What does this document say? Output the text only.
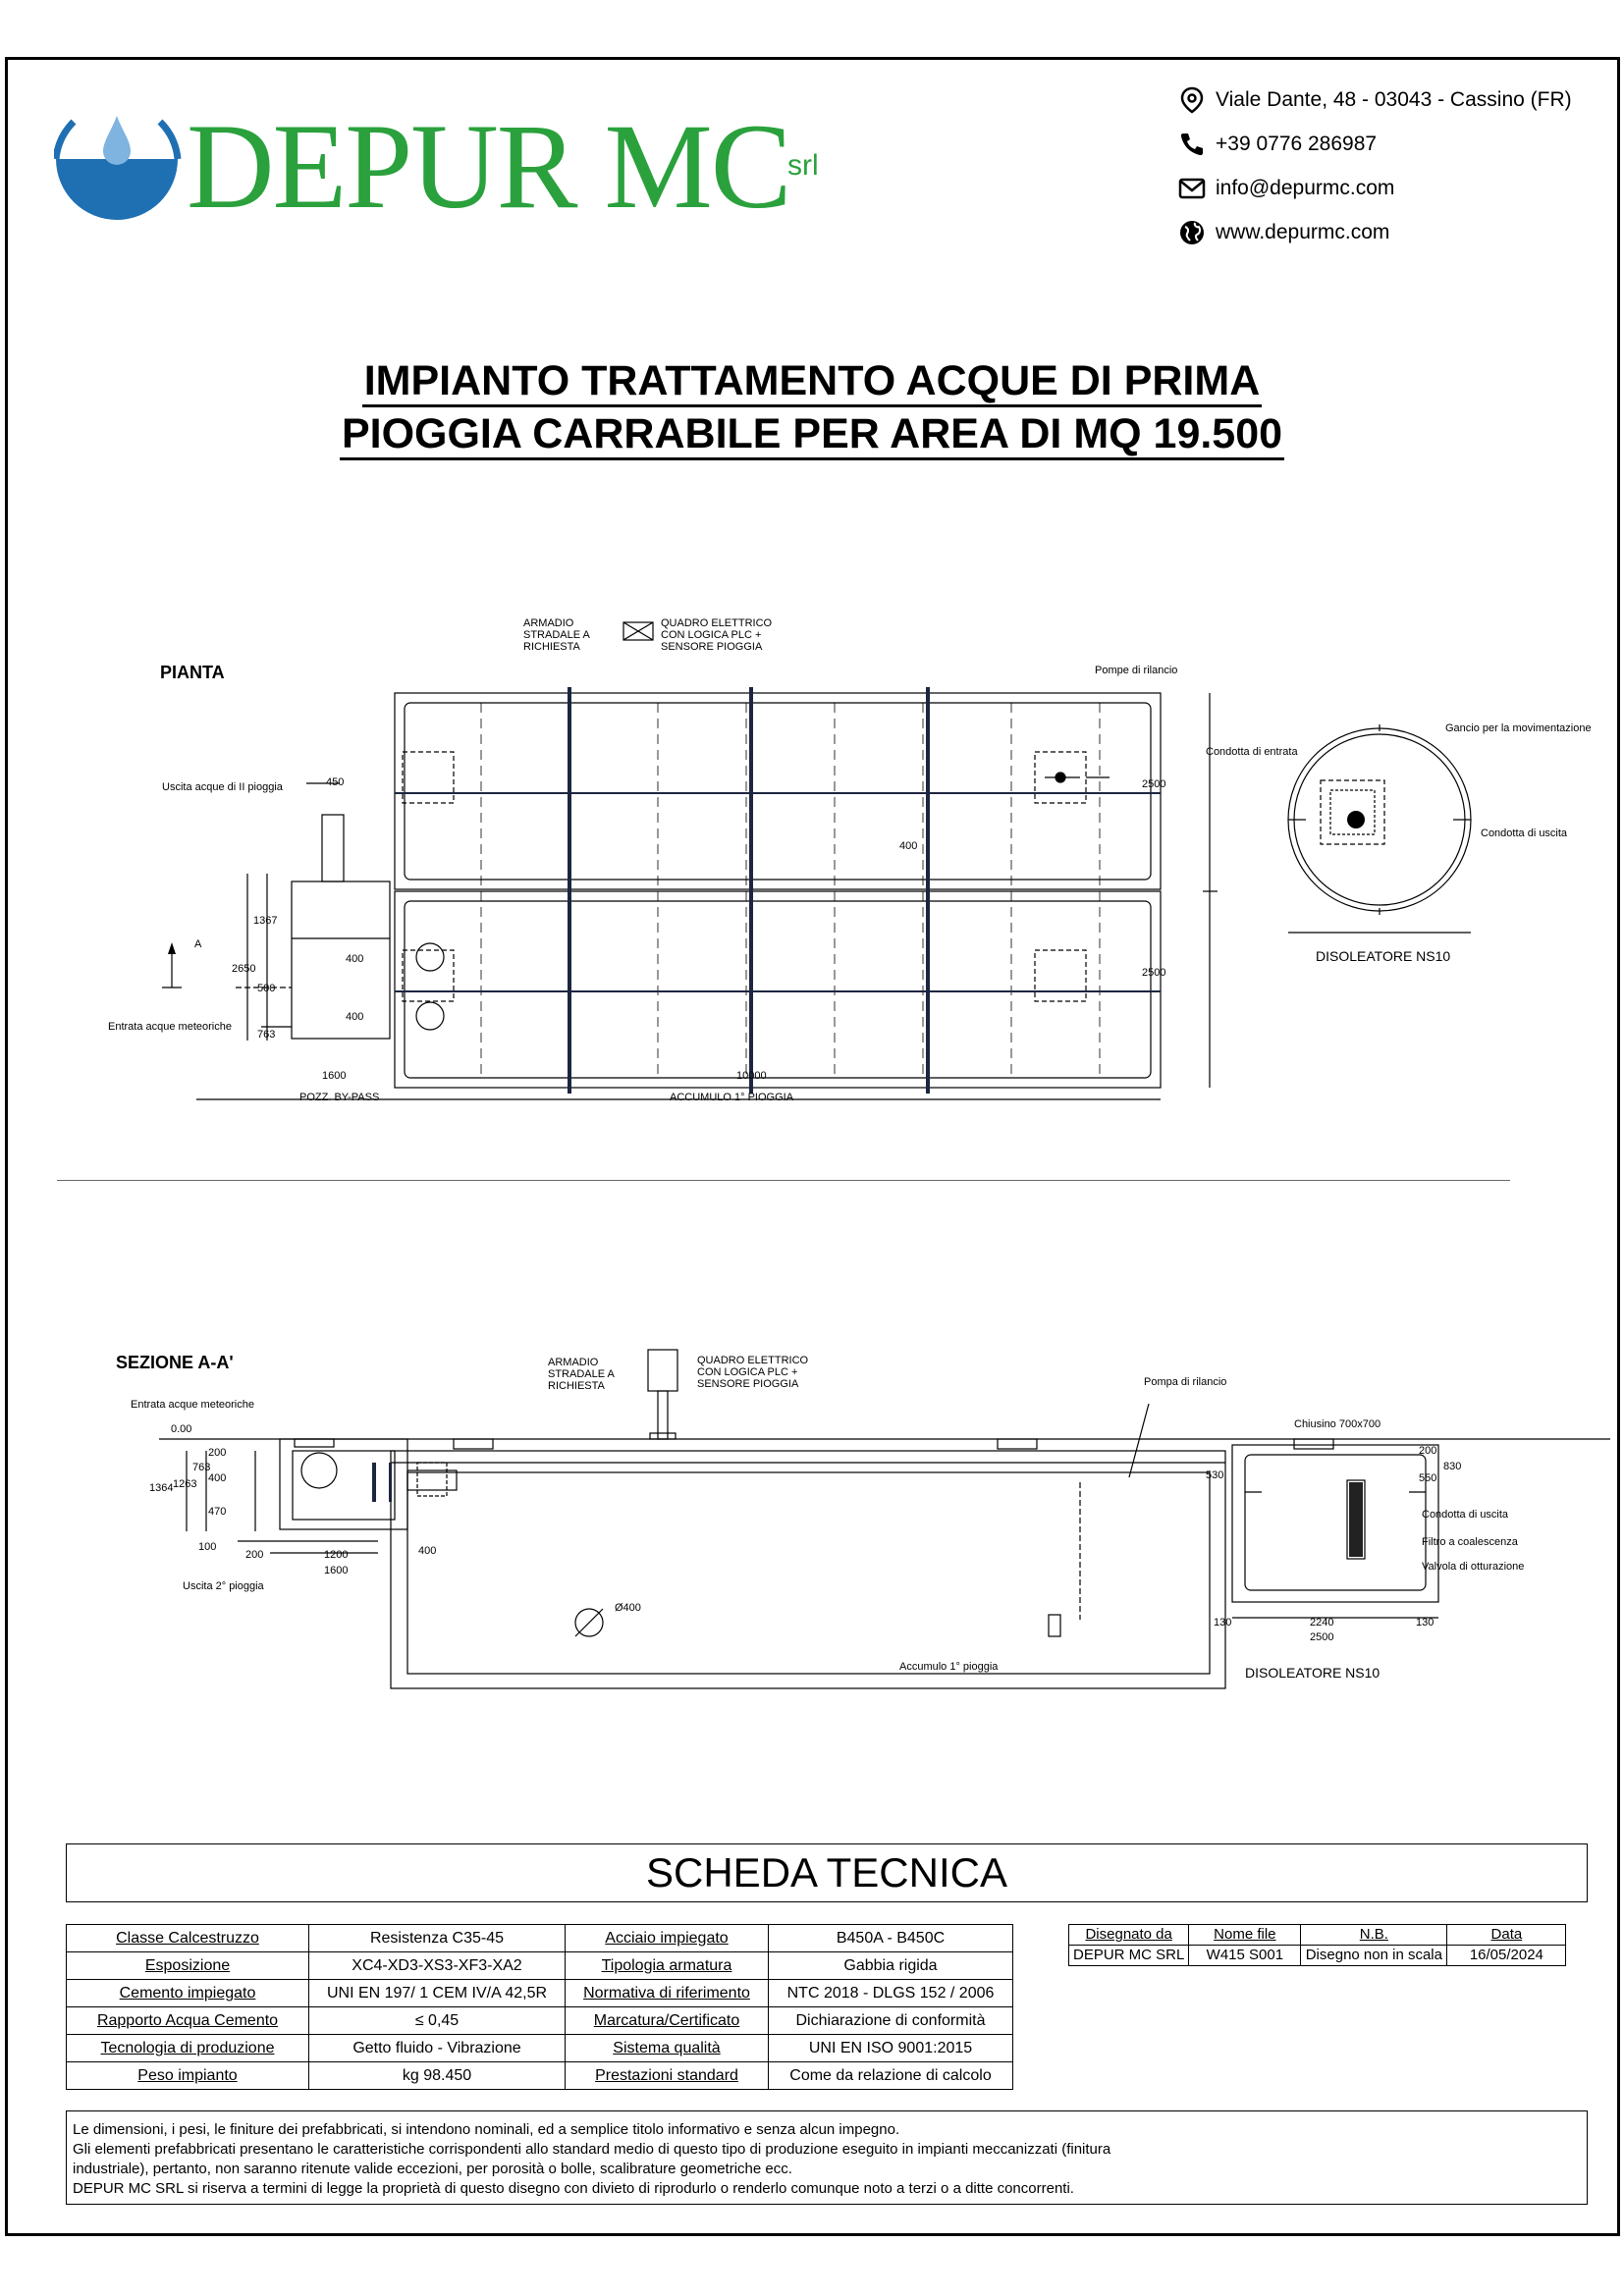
DEPUR MC
srl
Viale Dante, 48 - 03043 - Cassino (FR)
+39 0776 286987
info@depurmc.com
www.depurmc.com
IMPIANTO TRATTAMENTO ACQUE DI PRIMA
PIOGGIA CARRABILE PER AREA DI MQ 19.500
PIANTA
ARMADIO
STRADALE A
RICHIESTA
QUADRO ELETTRICO
CON LOGICA PLC +
SENSORE PIOGGIA
Pompe di rilancio
Uscita acque di II pioggia
Entrata acque meteoriche
A
450
1367
2650
500
763
400
400
400
1600	10000
2500
2500
POZZ. BY-PASS	ACCUMULO 1° PIOGGIA
Condotta di entrata
Gancio per la movimentazione
Condotta di uscita
DISOLEATORE NS10
SEZIONE A-A'	ARMADIO
STRADALE A
RICHIESTA
QUADRO ELETTRICO
CON LOGICA PLC +
SENSORE PIOGGIA	Pompa di rilancio
Entrata acque meteoriche
Uscita 2° pioggia
Accumulo 1° pioggia
Chiusino 700x700
Condotta di uscita
Filtro a coalescenza
Valvola di otturazione
DISOLEATORE NS10
0.00
200
763
1364 1263 400
470
100
200	1200
1600
400
Ø400
530
200
830
550
130	2240	130
2500
SCHEDA TECNICA
Classe Calcestruzzo	Resistenza C35-45	Acciaio impiegato	B450A - B450C
Esposizione	XC4-XD3-XS3-XF3-XA2	Tipologia armatura	Gabbia rigida
Cemento impiegato	UNI EN 197/ 1 CEM IV/A 42,5R	Normativa di riferimento	NTC 2018 - DLGS 152 / 2006
Rapporto Acqua Cemento	≤ 0,45	Marcatura/Certificato	Dichiarazione di conformità
Tecnologia di produzione	Getto fluido - Vibrazione	Sistema qualità	UNI EN ISO 9001:2015
Peso impianto	kg 98.450	Prestazioni standard	Come da relazione di calcolo
Disegnato da	Nome file	N.B.	Data
DEPUR MC SRL	W415 S001	Disegno non in scala	16/05/2024
Le dimensioni, i pesi, le finiture dei prefabbricati, si intendono nominali, ed a semplice titolo informativo e senza alcun impegno.
Gli elementi prefabbricati presentano le caratteristiche corrispondenti allo standard medio di questo tipo di produzione eseguito in impianti meccanizzati (finitura
industriale), pertanto, non saranno ritenute valide eccezioni, per porosità o bolle, scalibrature geometriche ecc.
DEPUR MC SRL si riserva a termini di legge la proprietà di questo disegno con divieto di riprodurlo o renderlo comunque noto a terzi o a ditte concorrenti.
